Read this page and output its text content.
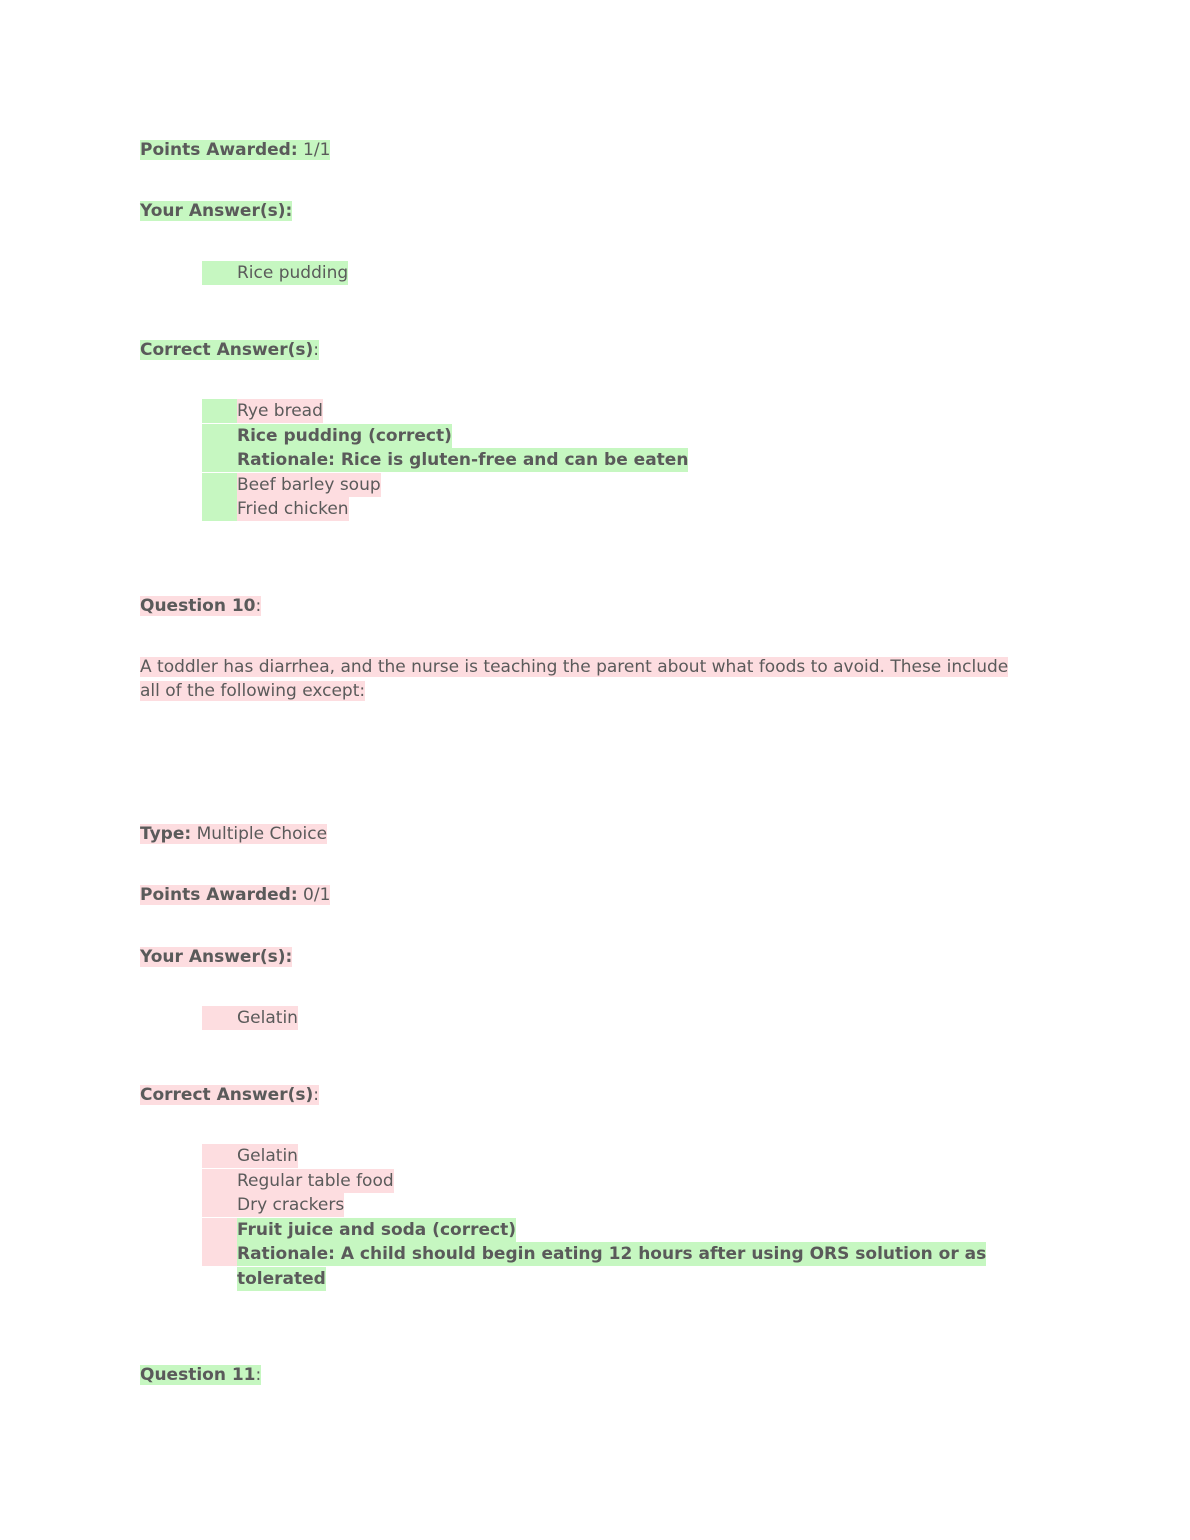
Points Awarded: 1/1
Your Answer(s):
Rice pudding
Correct Answer(s):
Rye bread
Rice pudding (correct)
Rationale: Rice is gluten-free and can be eaten
Beef barley soup
Fried chicken
Question 10:
A toddler has diarrhea, and the nurse is teaching the parent about what foods to avoid. These include
all of the following except:
Type: Multiple Choice
Points Awarded: 0/1
Your Answer(s):
Gelatin
Correct Answer(s):
Gelatin
Regular table food
Dry crackers
Fruit juice and soda (correct)
Rationale: A child should begin eating 12 hours after using ORS solution or as
tolerated
Question 11:
